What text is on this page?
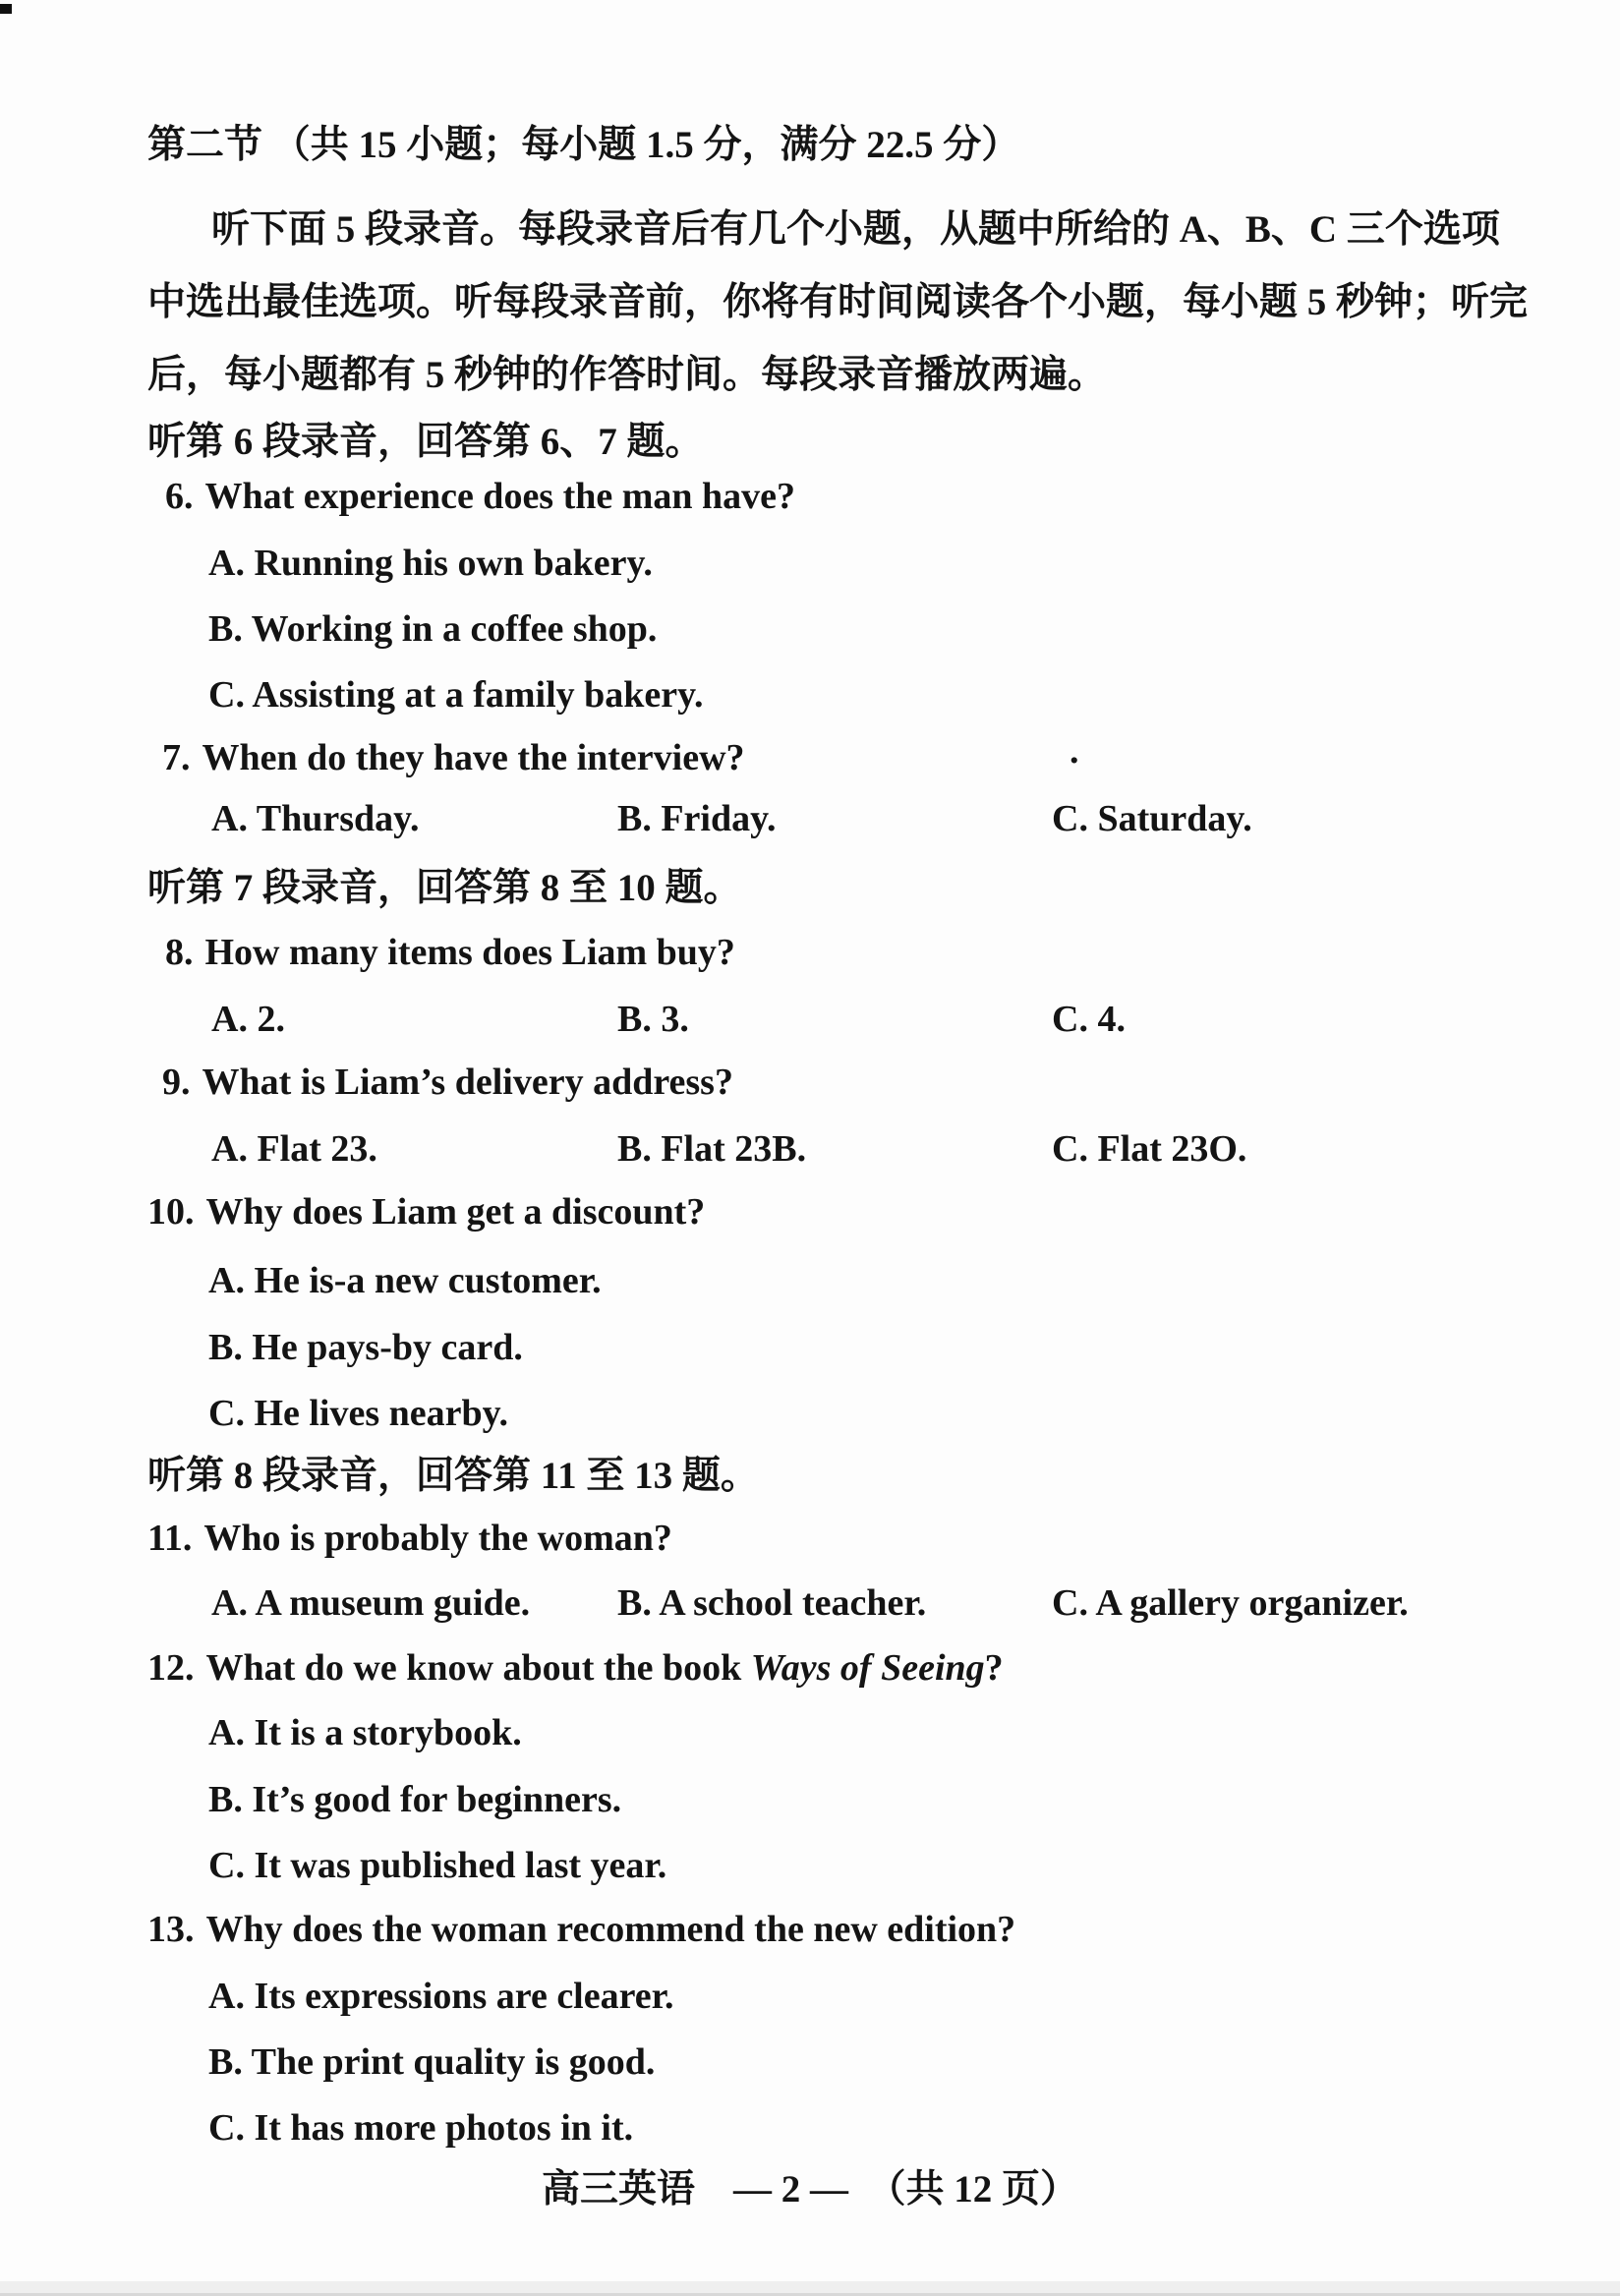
第二节 （共 15 小题；每小题 1.5 分，满分 22.5 分）
听下面 5 段录音。每段录音后有几个小题，从题中所给的 A、B、C 三个选项
中选出最佳选项。听每段录音前，你将有时间阅读各个小题，每小题 5 秒钟；听完
后，每小题都有 5 秒钟的作答时间。每段录音播放两遍。
听第 6 段录音，回答第 6、7 题。
6. What experience does the man have?
A. Running his own bakery.
B. Working in a coffee shop.
C. Assisting at a family bakery.
7. When do they have the interview?	.
A. Thursday.	B. Friday.	C. Saturday.
听第 7 段录音，回答第 8 至 10 题。
8. How many items does Liam buy?
A. 2.	B. 3.	C. 4.
9. What is Liam’s delivery address?
A. Flat 23.	B. Flat 23B.	C. Flat 23O.
10. Why does Liam get a discount?
A. He is-a new customer.
B. He pays-by card.
C. He lives nearby.
听第 8 段录音，回答第 11 至 13 题。
11. Who is probably the woman?
A. A museum guide.	B. A school teacher.	C. A gallery organizer.
12. What do we know about the book Ways of Seeing?
A. It is a storybook.
B. It’s good for beginners.
C. It was published last year.
13. Why does the woman recommend the new edition?
A. Its expressions are clearer.
B. The print quality is good.
C. It has more photos in it.
高三英语　— 2 —　（共 12 页）
